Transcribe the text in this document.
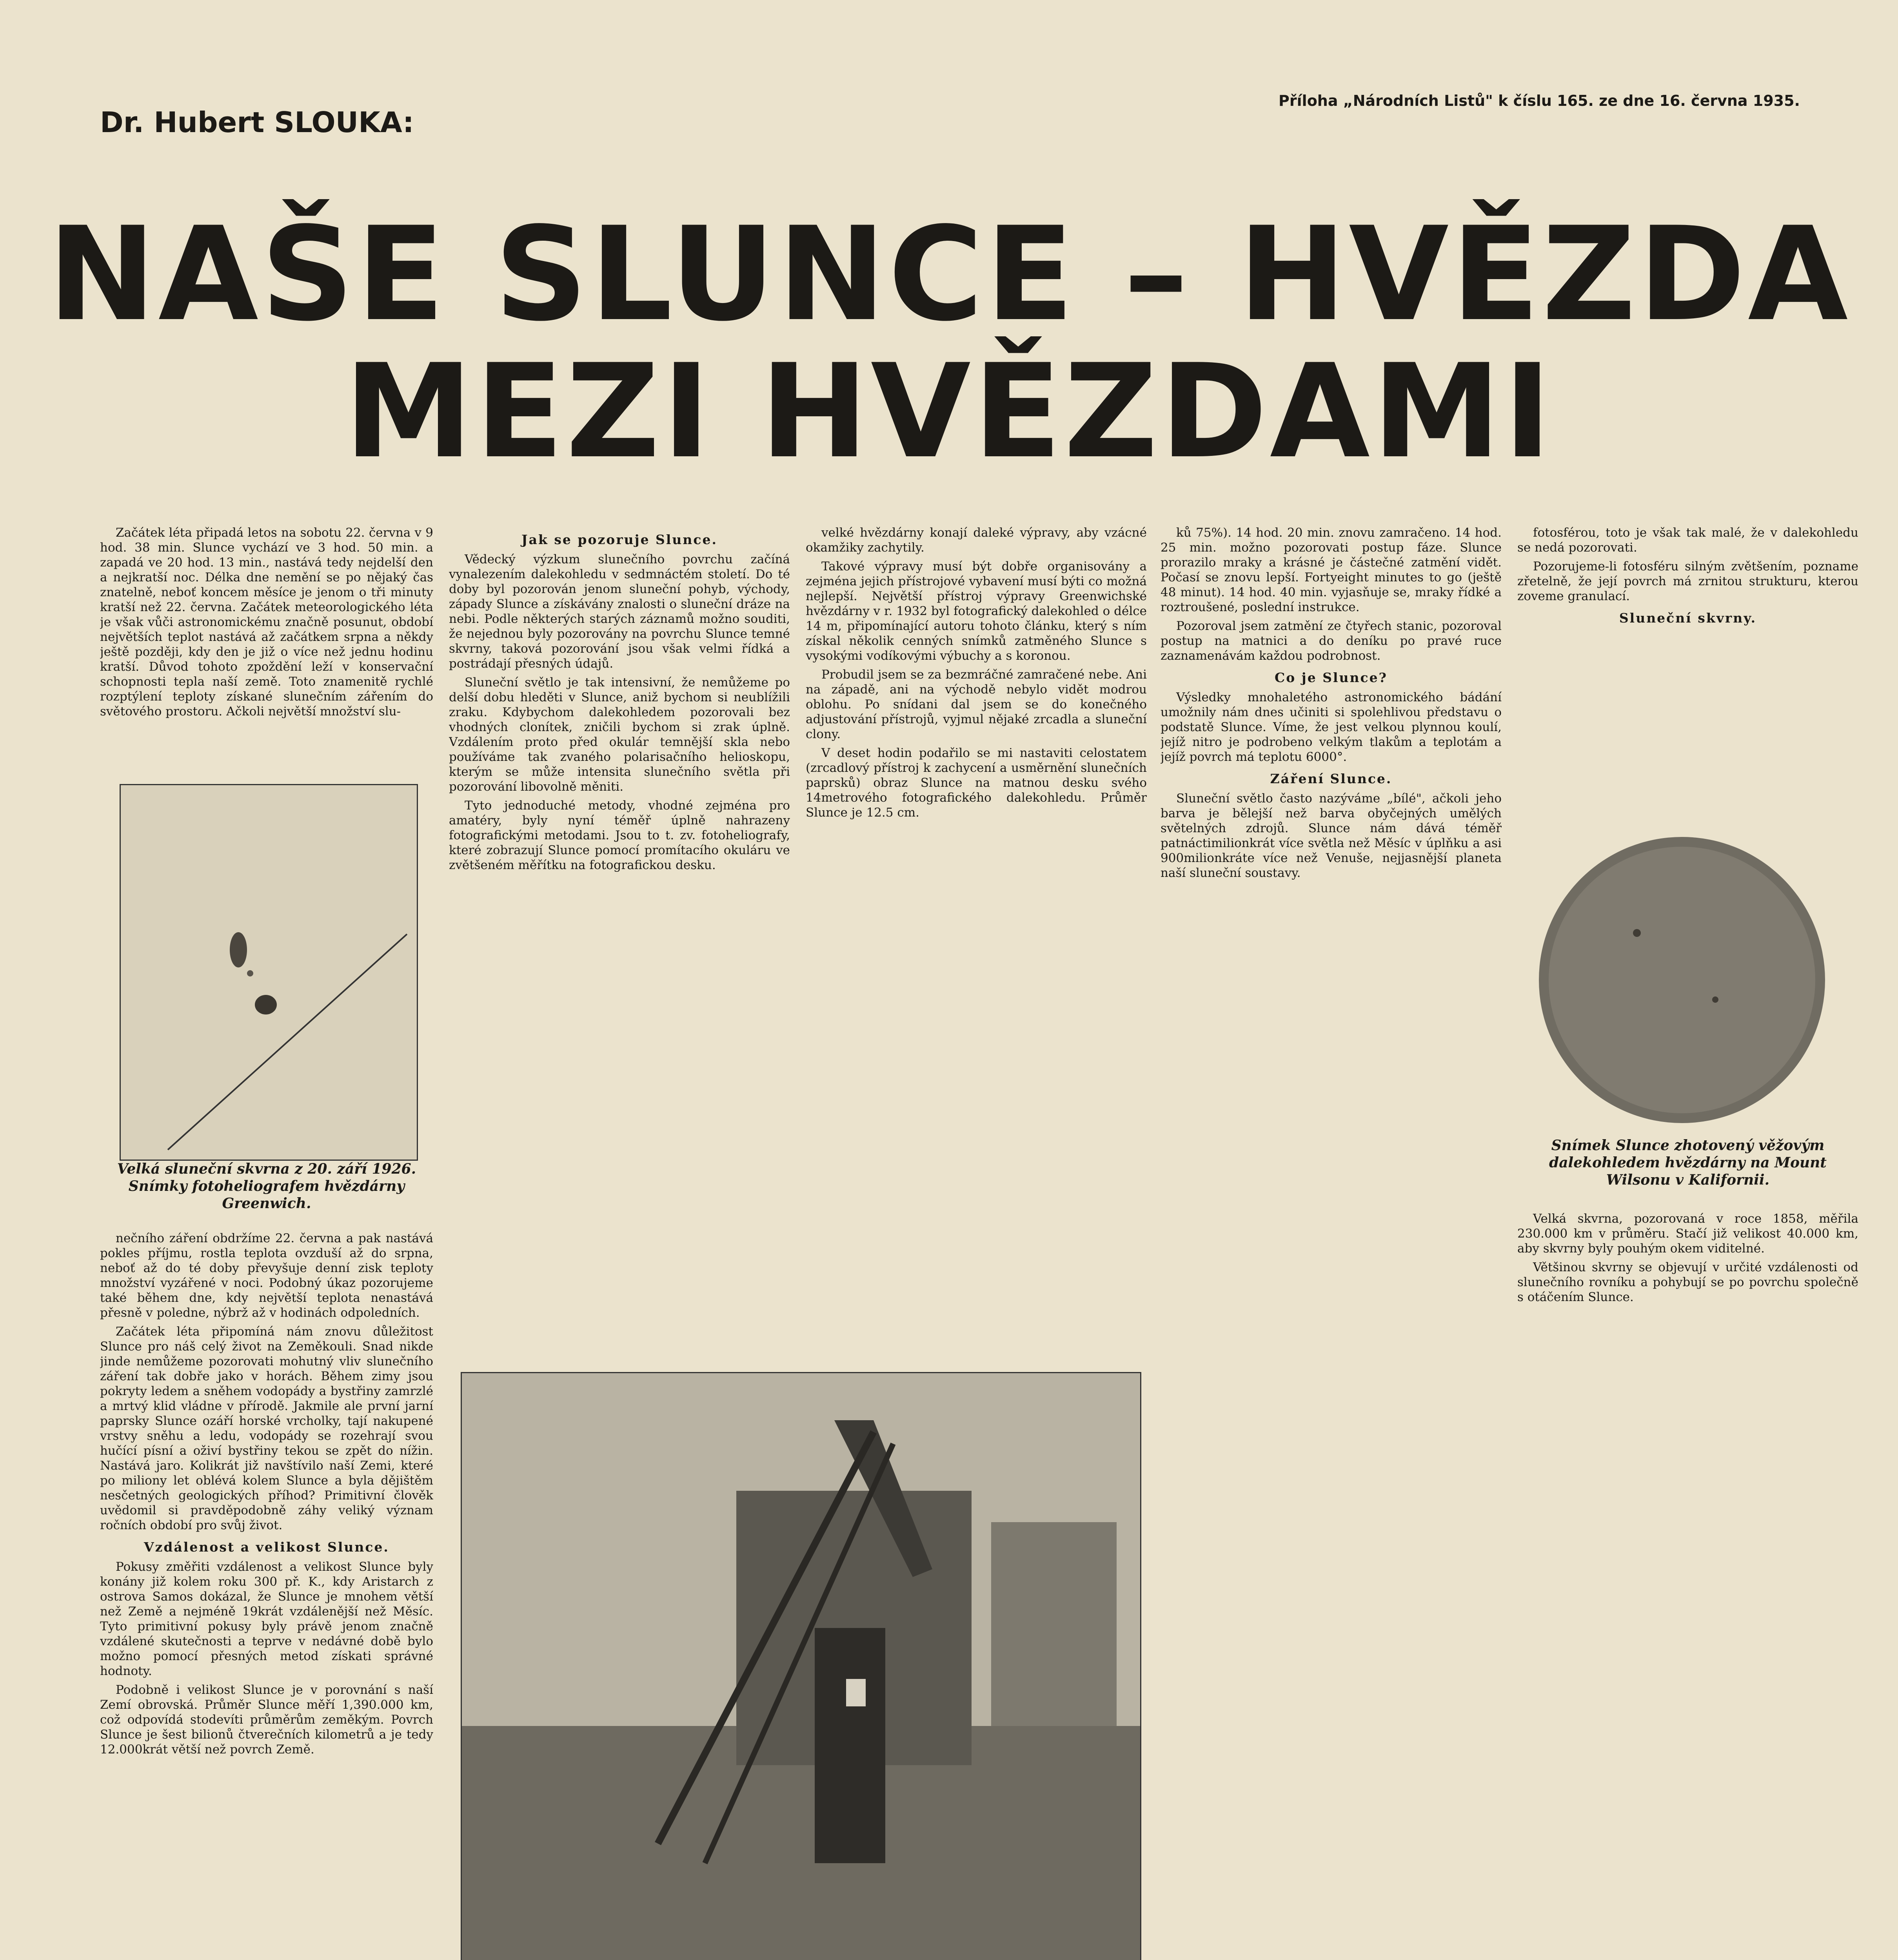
Dr. Hubert SLOUKA:
Příloha „Národních Listů" k číslu 165. ze dne 16. června 1935.
NAŠE SLUNCE – HVĚZDA
MEZI HVĚZDAMI

Začátek léta připadá letos na sobotu 22. června v 9 hod. 38 min. Slunce vychází ve 3 hod. 50 min. a zapadá ve 20 hod. 13 min., nastává tedy nejdelší den a nejkratší noc. Délka dne nemění se po nějaký čas znatelně, neboť koncem měsíce je jenom o tři minuty kratší než 22. června. Začátek meteorologického léta je však vůči astronomickému značně posunut, období největších teplot nastává až začátkem srpna a někdy ještě později, kdy den je již o více než jednu hodinu kratší. Důvod tohoto zpoždění leží v konservační schopnosti tepla naší země. Toto znamenitě rychlé rozptýlení teploty získané slunečním zářením do světového prostoru. Ačkoli největší množství slu-

Velká sluneční skvrna z 20. září 1926. Snímky fotoheliografem hvězdárny Greenwich.

nečního záření obdržíme 22. června a pak nastává pokles příjmu, rostla teplota ovzduší až do srpna, neboť až do té doby převyšuje denní zisk teploty množství vyzářené v noci. Podobný úkaz pozorujeme také během dne, kdy největší teplota nenastává přesně v poledne, nýbrž až v hodinách odpoledních.

Začátek léta připomíná nám znovu důležitost Slunce pro náš celý život na Zeměkouli. Snad nikde jinde nemůžeme pozorovati mohutný vliv slunečního záření tak dobře jako v horách. Během zimy jsou pokryty ledem a sněhem vodopády a bystřiny zamrzlé a mrtvý klid vládne v přírodě. Jakmile ale první jarní paprsky Slunce ozáří horské vrcholky, tají nakupené vrstvy sněhu a ledu, vodopády se rozehrají svou hučící písní a oživí bystřiny tekou se zpět do nížin. Nastává jaro. Kolikrát již navštívilo naší Zemi, které po miliony let oblévá kolem Slunce a byla dějištěm nesčetných geologických příhod? Primitivní člověk uvědomil si pravděpodobně záhy veliký význam ročních období pro svůj život.

Vzdálenost a velikost Slunce.

Pokusy změřiti vzdálenost a velikost Slunce byly konány již kolem roku 300 př. K., kdy Aristarch z ostrova Samos dokázal, že Slunce je mnohem větší než Země a nejméně 19krát vzdálenější než Měsíc. Tyto primitivní pokusy byly právě jenom značně vzdálené skutečnosti a teprve v nedávné době bylo možno pomocí přesných metod získati správné hodnoty.

Podobně i velikost Slunce je v porovnání s naší Zemí obrovská. Průměr Slunce měří 1,390.000 km, což odpovídá stodevíti průměrům zeměkým. Povrch Slunce je šest bilionů čtverečních kilometrů a je tedy 12.000krát větší než povrch Země.

Jak se pozoruje Slunce.

Vědecký výzkum slunečního povrchu začíná vynalezením dalekohledu v sedmnáctém století. Do té doby byl pozorován jenom sluneční pohyb, východy, západy Slunce a získávány znalosti o sluneční dráze na nebi. Podle některých starých záznamů možno souditi, že nejednou byly pozorovány na povrchu Slunce temné skvrny, taková pozorování jsou však velmi řídká a postrádají přesných údajů.

Sluneční světlo je tak intensivní, že nemůžeme po delší dobu hleděti v Slunce, aniž bychom si neublížili zraku. Kdybychom dalekohledem pozorovali bez vhodných clonítek, zničili bychom si zrak úplně. Vzdálením proto před okulár temnější skla nebo používáme tak zvaného polarisačního helioskopu, kterým se může intensita slunečního světla při pozorování libovolně měniti.

Tyto jednoduché metody, vhodné zejména pro amatéry, byly nyní téměř úplně nahrazeny fotografickými metodami. Jsou to t. zv. fotoheliografy, které zobrazují Slunce pomocí promítacího okuláru ve zvětšeném měřítku na fotografickou desku.

velké hvězdárny konají daleké výpravy, aby vzácné okamžiky zachytily.

Takové výpravy musí být dobře organisovány a zejména jejich přístrojové vybavení musí býti co možná nejlepší. Největší přístroj výpravy Greenwichské hvězdárny v r. 1932 byl fotografický dalekohled o délce 14 m, připomínající autoru tohoto článku, který s ním získal několik cenných snímků zatměného Slunce s vysokými vodíkovými výbuchy a s koronou.

Probudil jsem se za bezmráčné zamračené nebe. Ani na západě, ani na východě nebylo vidět modrou oblohu. Po snídani dal jsem se do konečného adjustování přístrojů, vyjmul nějaké zrcadla a sluneční clony.

V deset hodin podařilo se mi nastaviti celostatem (zrcadlový přístroj k zachycení a usměrnění slunečních paprsků) obraz Slunce na matnou desku svého 14metrového fotografického dalekohledu. Průměr Slunce je 12.5 cm.

ků 75%). 14 hod. 20 min. znovu zamračeno. 14 hod. 25 min. možno pozorovati postup fáze. Slunce prorazilo mraky a krásné je částečné zatmění vidět. Počasí se znovu lepší. Fortyeight minutes to go (ještě 48 minut). 14 hod. 40 min. vyjasňuje se, mraky řídké a roztroušené, poslední instrukce.

Pozoroval jsem zatmění ze čtyřech stanic, pozoroval postup na matnici a do deníku po pravé ruce zaznamenávám každou podrobnost.

Co je Slunce?

Výsledky mnohaletého astronomického bádání umožnily nám dnes učiniti si spolehlivou představu o podstatě Slunce. Víme, že jest velkou plynnou koulí, jejíž nitro je podrobeno velkým tlakům a teplotám a jejíž povrch má teplotu 6000°.

Záření Slunce.

Sluneční světlo často nazýváme „bílé", ačkoli jeho barva je bělejší než barva obyčejných umělých světelných zdrojů. Slunce nám dává téměř patnáctimilionkrát více světla než Měsíc v úplňku a asi 900milionkráte více než Venuše, nejjasnější planeta naší sluneční soustavy.

fotosférou, toto je však tak malé, že v dalekohledu se nedá pozorovati.

Pozorujeme-li fotosféru silným zvětšením, pozname zřetelně, že její povrch má zrnitou strukturu, kterou zoveme granulací.

Sluneční skvrny.
Snímek Slunce zhotovený věžovým dalekohledem hvězdárny na Mount Wilsonu v Kalifornii.

Velká skvrna, pozorovaná v roce 1858, měřila 230.000 km v průměru. Stačí již velikost 40.000 km, aby skvrny byly pouhým okem viditelné.

Většinou skvrny se objevují v určité vzdálenosti od slunečního rovníku a pohybují se po povrchu společně s otáčením Slunce.
